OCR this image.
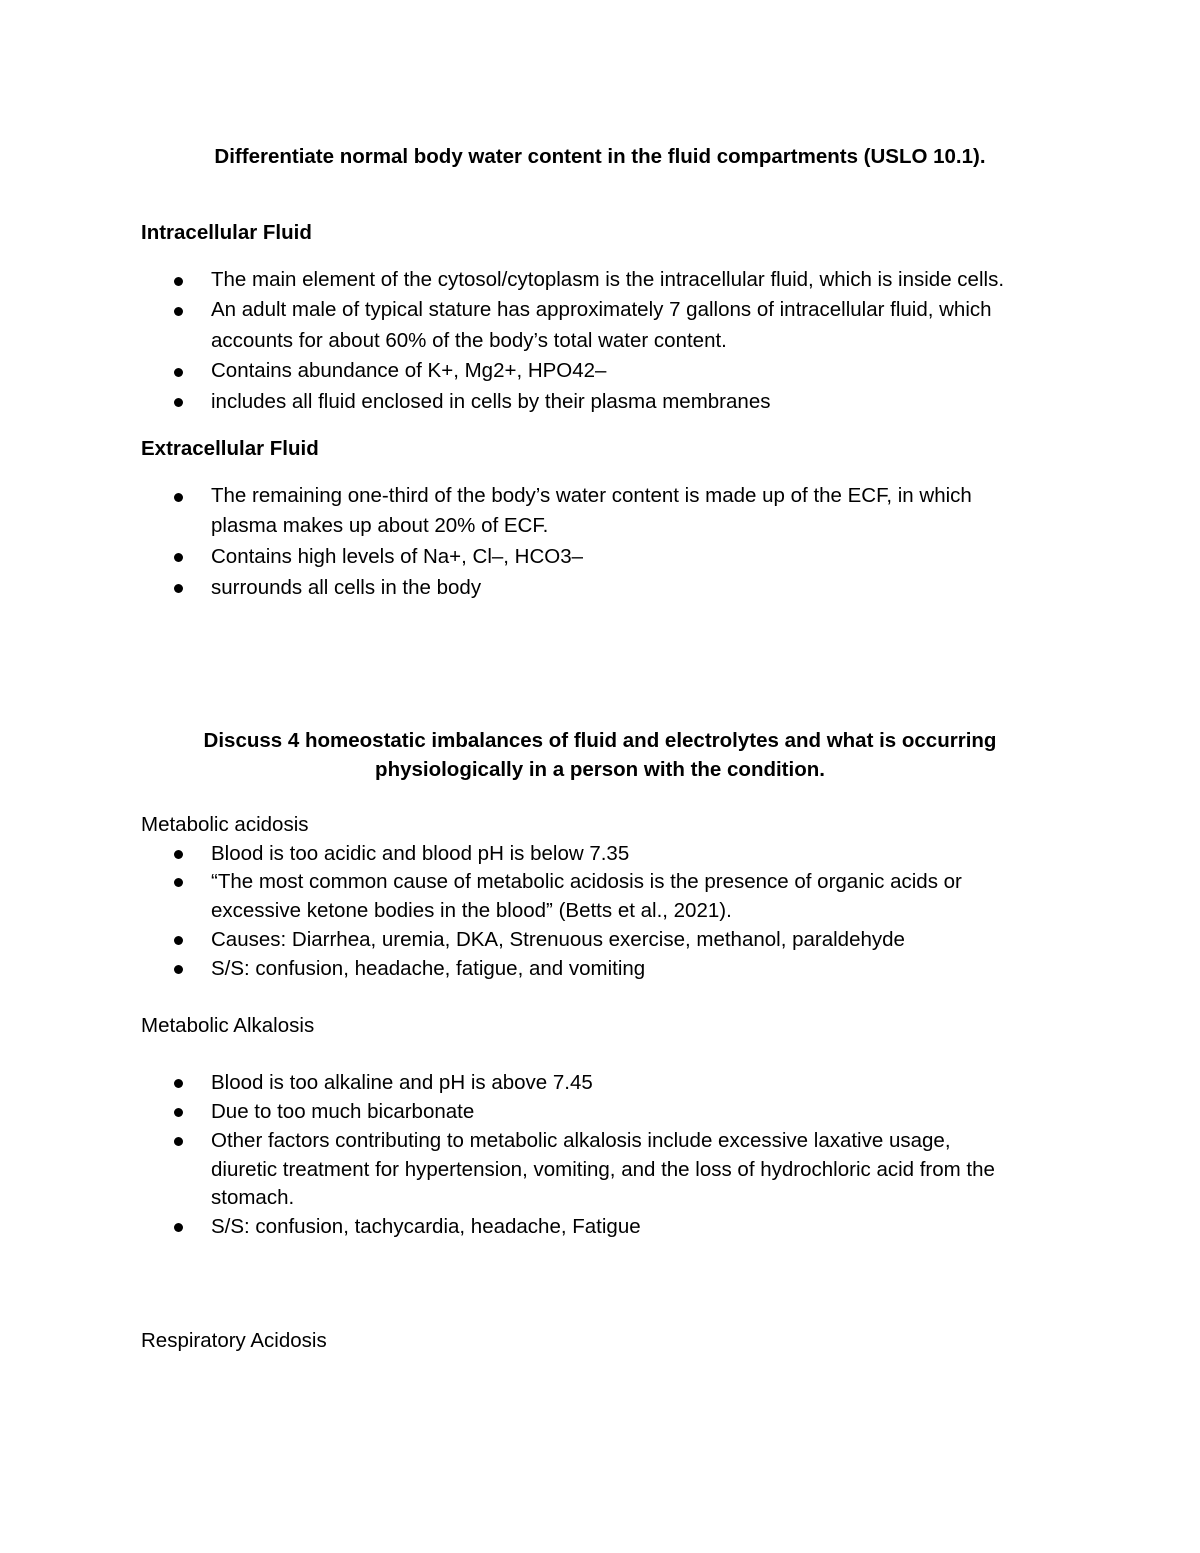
Differentiate normal body water content in the fluid compartments (USLO 10.1).
Intracellular Fluid
The main element of the cytosol/cytoplasm is the intracellular fluid, which is inside cells.
An adult male of typical stature has approximately 7 gallons of intracellular fluid, which
accounts for about 60% of the body’s total water content.
Contains abundance of K+, Mg2+, HPO42–
includes all fluid enclosed in cells by their plasma membranes
Extracellular Fluid
The remaining one-third of the body’s water content is made up of the ECF, in which
plasma makes up about 20% of ECF.
Contains high levels of Na+, Cl–, HCO3–
surrounds all cells in the body
Discuss 4 homeostatic imbalances of fluid and electrolytes and what is occurring
physiologically in a person with the condition.
Metabolic acidosis
Blood is too acidic and blood pH is below 7.35
“The most common cause of metabolic acidosis is the presence of organic acids or
excessive ketone bodies in the blood” (Betts et al., 2021).
Causes: Diarrhea, uremia, DKA, Strenuous exercise, methanol, paraldehyde
S/S: confusion, headache, fatigue, and vomiting
Metabolic Alkalosis
Blood is too alkaline and pH is above 7.45
Due to too much bicarbonate
Other factors contributing to metabolic alkalosis include excessive laxative usage,
diuretic treatment for hypertension, vomiting, and the loss of hydrochloric acid from the
stomach.
S/S: confusion, tachycardia, headache, Fatigue
Respiratory Acidosis
